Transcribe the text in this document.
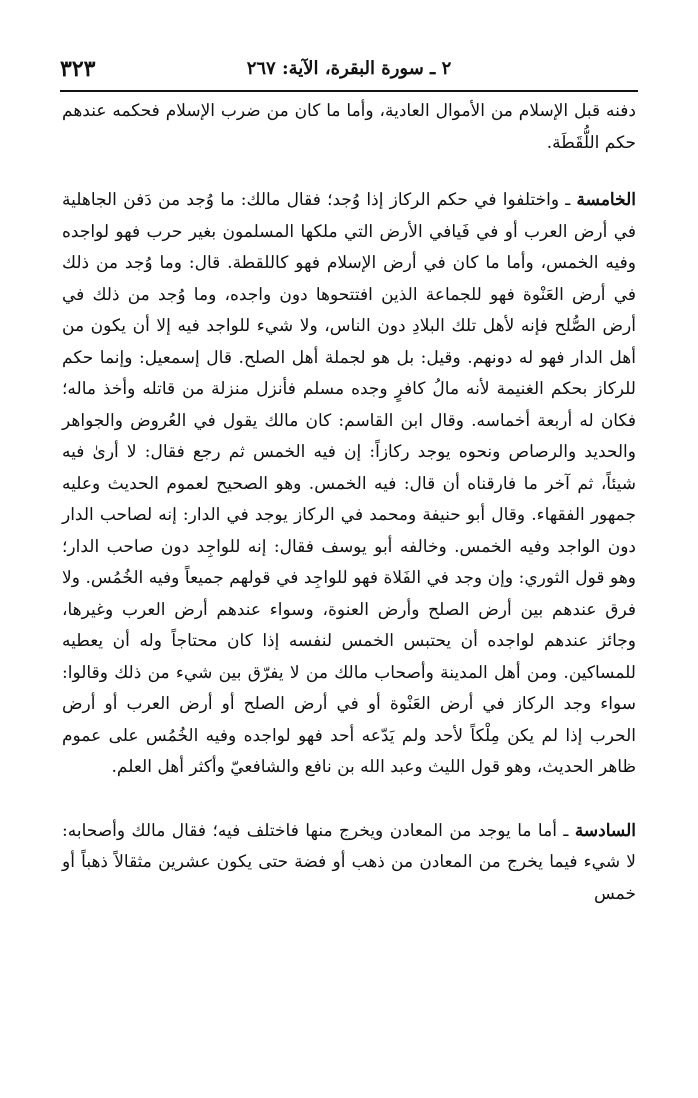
٢ ـ سورة البقرة، الآية: ٢٦٧
٣٢٣

دفنه قبل الإسلام من الأموال العادية، وأما ما كان من ضرب الإسلام فحكمه عندهم حكم اللُّقَطَة.

الخامسة ـ واختلفوا في حكم الركاز إذا وُجد؛ فقال مالك: ما وُجد من دَفن الجاهلية في أرض العرب أو في فَيافي الأرض التي ملكها المسلمون بغير حرب فهو لواجده وفيه الخمس، وأما ما كان في أرض الإسلام فهو كاللقطة. قال: وما وُجد من ذلك في أرض العَنْوة فهو للجماعة الذين افتتحوها دون واجده، وما وُجد من ذلك في أرض الصُّلح فإنه لأهل تلك البلادِ دون الناس، ولا شيء للواجد فيه إلا أن يكون من أهل الدار فهو له دونهم. وقيل: بل هو لجملة أهل الصلح. قال إسمعيل: وإنما حكم للركاز بحكم الغنيمة لأنه مالُ كافرٍ وجده مسلم فأنزل منزلة من قاتله وأخذ ماله؛ فكان له أربعة أخماسه. وقال ابن القاسم: كان مالك يقول في العُروض والجواهر والحديد والرصاص ونحوه يوجد ركازاً: إن فيه الخمس ثم رجع فقال: لا أرىٰ فيه شيئاً، ثم آخر ما فارقناه أن قال: فيه الخمس. وهو الصحيح لعموم الحديث وعليه جمهور الفقهاء. وقال أبو حنيفة ومحمد في الركاز يوجد في الدار: إنه لصاحب الدار دون الواجد وفيه الخمس. وخالفه أبو يوسف فقال: إنه للواجِد دون صاحب الدار؛ وهو قول الثوري: وإن وجد في الفَلاة فهو للواجِد في قولهم جميعاً وفيه الخُمُس. ولا فرق عندهم بين أرض الصلح وأرض العنوة، وسواء عندهم أرض العرب وغيرها، وجائز عندهم لواجده أن يحتبس الخمس لنفسه إذا كان محتاجاً وله أن يعطيه للمساكين. ومن أهل المدينة وأصحاب مالك من لا يفرّق بين شيء من ذلك وقالوا: سواء وجد الركاز في أرض العَنْوة أو في أرض الصلح أو أرض العرب أو أرض الحرب إذا لم يكن مِلْكاً لأحد ولم يَدّعه أحد فهو لواجده وفيه الخُمُس على عموم ظاهر الحديث، وهو قول الليث وعبد الله بن نافع والشافعيّ وأكثر أهل العلم.

السادسة ـ أما ما يوجد من المعادن ويخرج منها فاختلف فيه؛ فقال مالك وأصحابه: لا شيء فيما يخرج من المعادن من ذهب أو فضة حتى يكون عشرين مثقالاً ذهباً أو خمس
